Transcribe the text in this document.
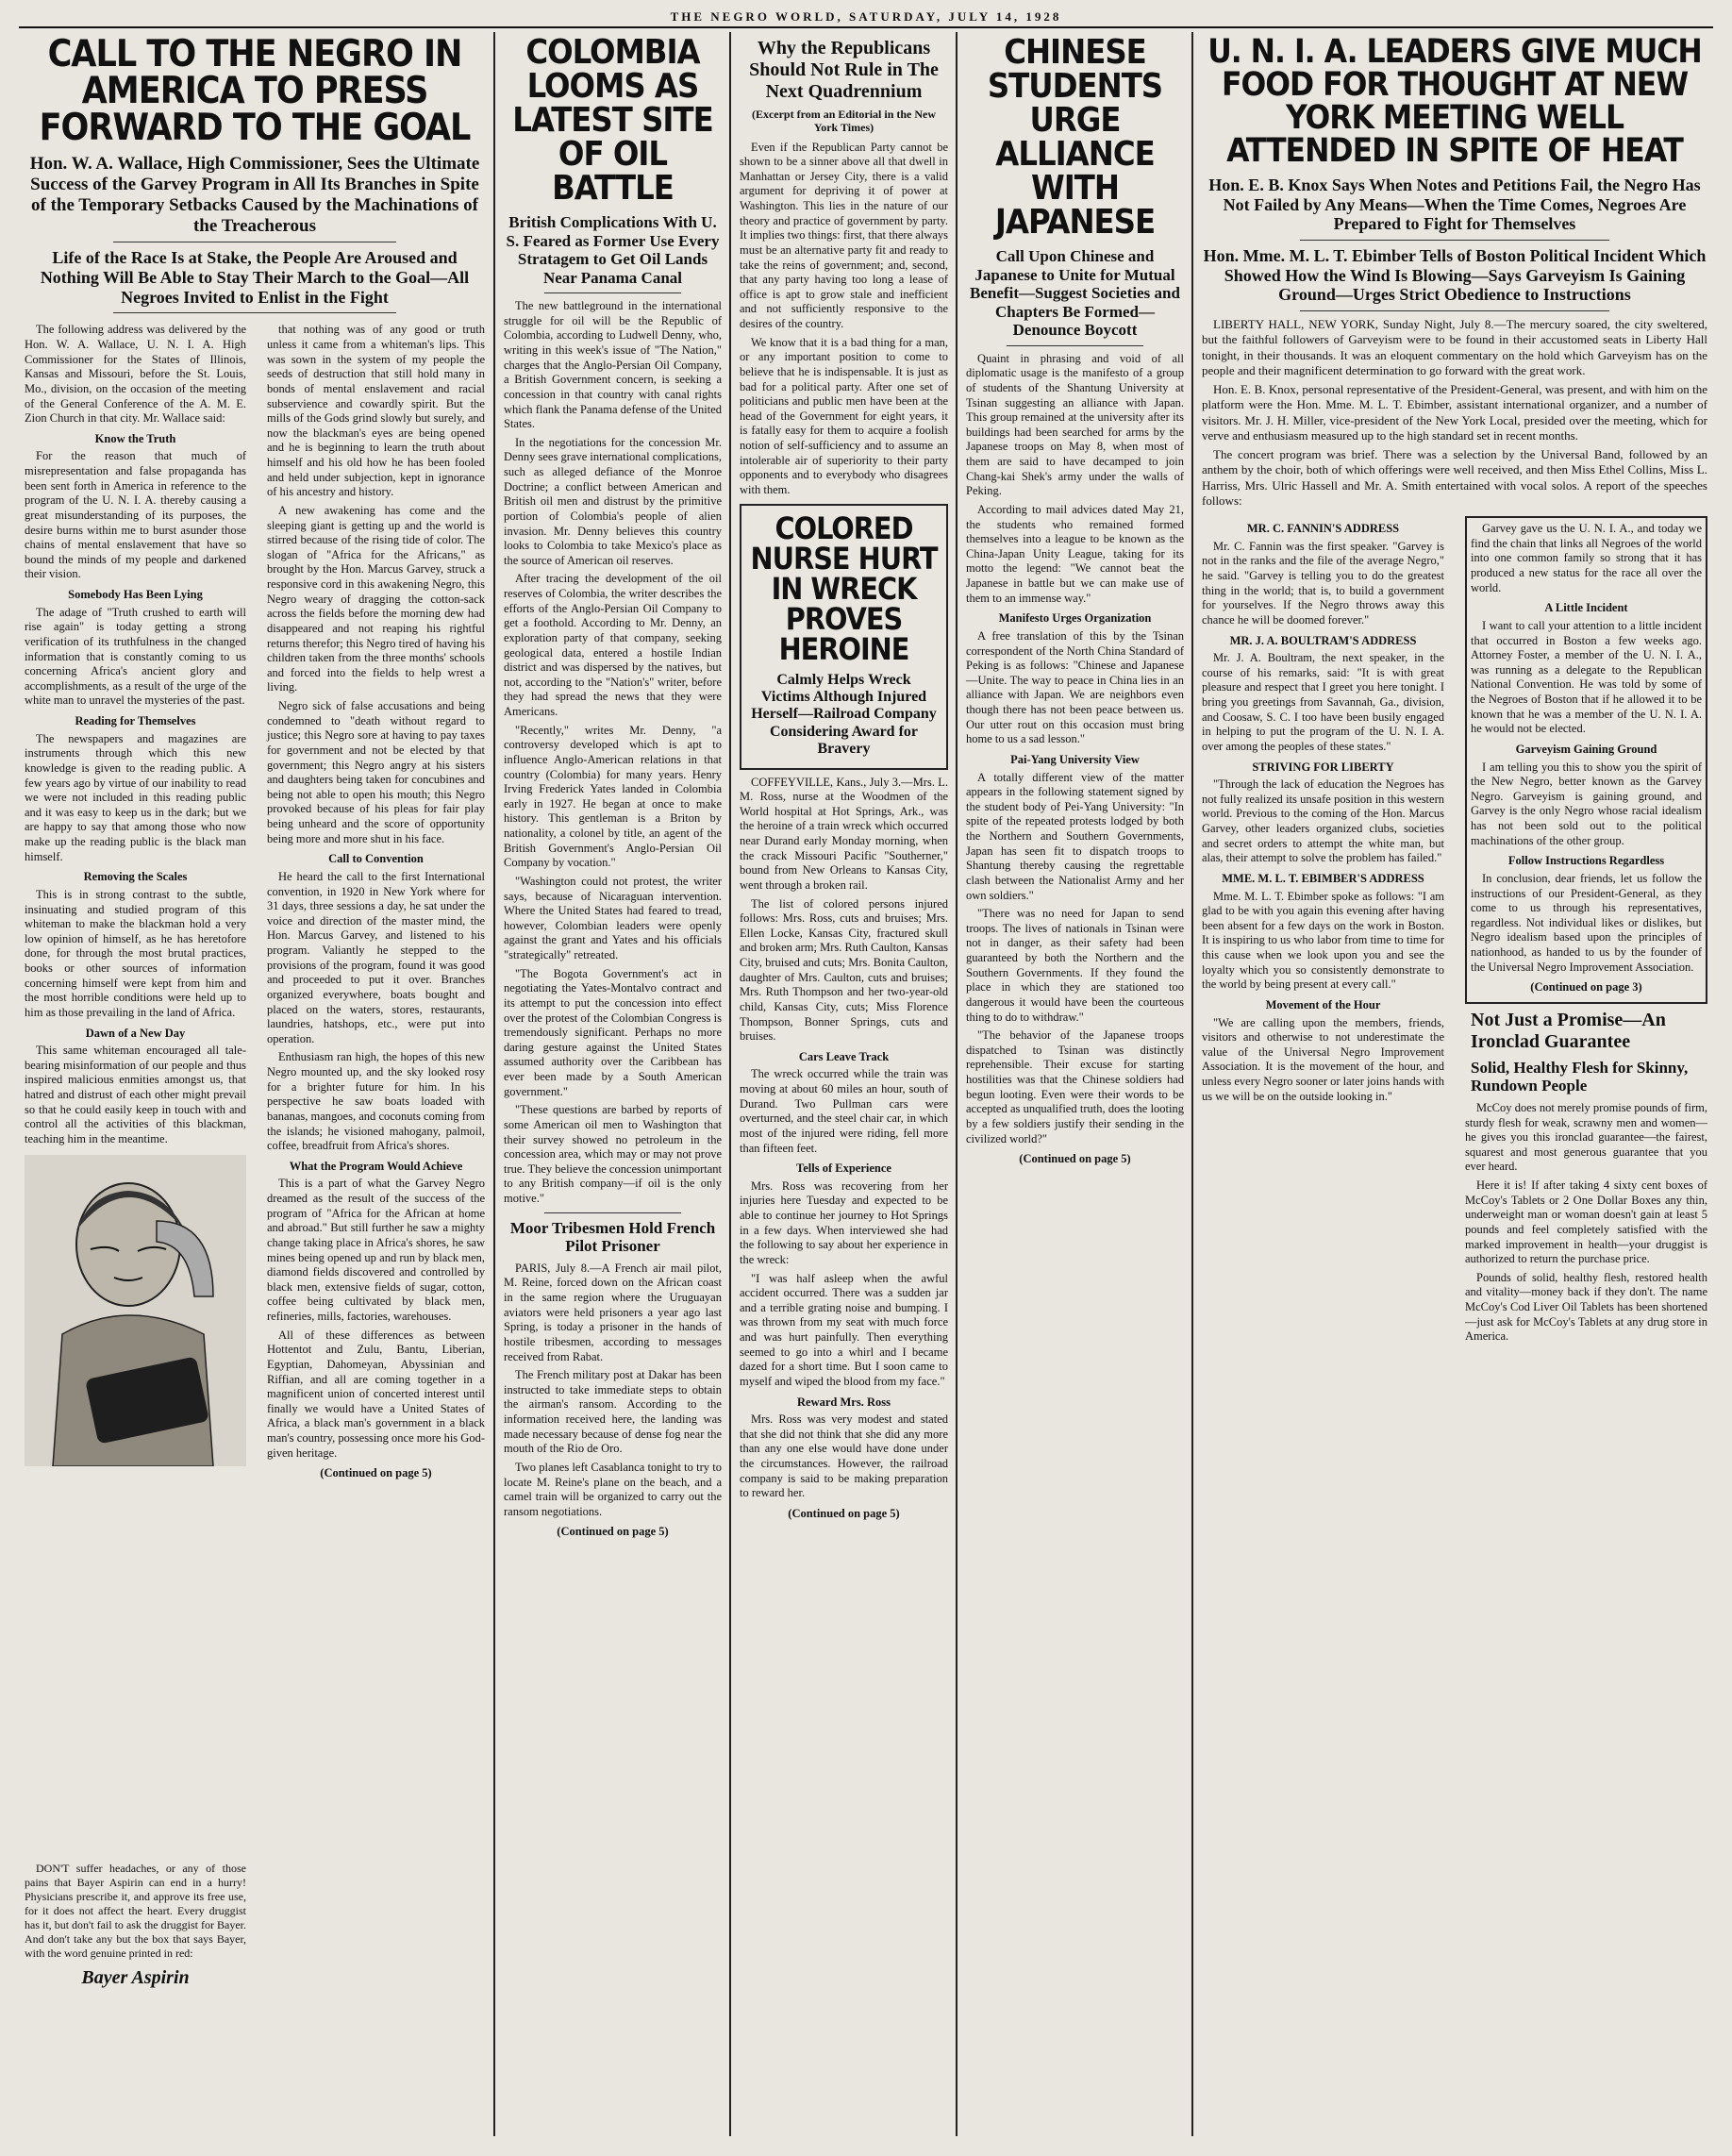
THE NEGRO WORLD, SATURDAY, JULY 14, 1928
CALL TO THE NEGRO IN AMERICA TO PRESS FORWARD TO THE GOAL
Hon. W. A. Wallace, High Commissioner, Sees the Ultimate Success of the Garvey Program in All Its Branches in Spite of the Temporary Setbacks Caused by the Machinations of the Treacherous
Life of the Race Is at Stake, the People Are Aroused and Nothing Will Be Able to Stay Their March to the Goal—All Negroes Invited to Enlist in the Fight

The following address was delivered by the Hon. W. A. Wallace, U. N. I. A. High Commissioner for the States of Illinois, Kansas and Missouri, before the St. Louis, Mo., division, on the occasion of the meeting of the General Conference of the A. M. E. Zion Church in that city. Mr. Wallace said:

Know the Truth

For the reason that much of misrepresentation and false propaganda has been sent forth in America in reference to the program of the U. N. I. A. thereby causing a great misunderstanding of its purposes, the desire burns within me to burst asunder those chains of mental enslavement that have so bound the minds of my people and darkened their vision.

Somebody Has Been Lying

The adage of "Truth crushed to earth will rise again" is today getting a strong verification of its truthfulness in the changed information that is constantly coming to us concerning Africa's ancient glory and accomplishments, as a result of the urge of the white man to unravel the mysteries of the past.

Reading for Themselves

The newspapers and magazines are instruments through which this new knowledge is given to the reading public. A few years ago by virtue of our inability to read we were not included in this reading public and it was easy to keep us in the dark; but we are happy to say that among those who now make up the reading public is the black man himself.

Removing the Scales

This is in strong contrast to the subtle, insinuating and studied program of this whiteman to make the blackman hold a very low opinion of himself, as he has heretofore done, for through the most brutal practices, books or other sources of information concerning himself were kept from him and the most horrible conditions were held up to him as those prevailing in the land of Africa.

Dawn of a New Day

This same whiteman encouraged all tale-bearing misinformation of our people and thus inspired malicious enmities amongst us, that hatred and distrust of each other might prevail so that he could easily keep in touch with and control all the activities of this blackman, teaching him in the meantime.

that nothing was of any good or truth unless it came from a whiteman's lips. This was sown in the system of my people the seeds of destruction that still hold many in bonds of mental enslavement and racial subservience and cowardly spirit. But the mills of the Gods grind slowly but surely, and now the blackman's eyes are being opened and he is beginning to learn the truth about himself and his old how he has been fooled and held under subjection, kept in ignorance of his ancestry and history.

A new awakening has come and the sleeping giant is getting up and the world is stirred because of the rising tide of color. The slogan of "Africa for the Africans," as brought by the Hon. Marcus Garvey, struck a responsive cord in this awakening Negro, this Negro weary of dragging the cotton-sack across the fields before the morning dew had disappeared and not reaping his rightful returns therefor; this Negro tired of having his children taken from the three months' schools and forced into the fields to help wrest a living.

Negro sick of false accusations and being condemned to "death without regard to justice; this Negro sore at having to pay taxes for government and not be elected by that government; this Negro angry at his sisters and daughters being taken for concubines and being not able to open his mouth; this Negro provoked because of his pleas for fair play being unheard and the score of opportunity being more and more shut in his face.

Call to Convention

He heard the call to the first International convention, in 1920 in New York where for 31 days, three sessions a day, he sat under the voice and direction of the master mind, the Hon. Marcus Garvey, and listened to his program. Valiantly he stepped to the provisions of the program, found it was good and proceeded to put it over. Branches organized everywhere, boats bought and placed on the waters, stores, restaurants, laundries, hatshops, etc., were put into operation.

Enthusiasm ran high, the hopes of this new Negro mounted up, and the sky looked rosy for a brighter future for him. In his perspective he saw boats loaded with bananas, mangoes, and coconuts coming from the islands; he visioned mahogany, palmoil, coffee, breadfruit from Africa's shores.

What the Program Would Achieve

This is a part of what the Garvey Negro dreamed as the result of the success of the program of "Africa for the African at home and abroad." But still further he saw a mighty change taking place in Africa's shores, he saw mines being opened up and run by black men, diamond fields discovered and controlled by black men, extensive fields of sugar, cotton, coffee being cultivated by black men, refineries, mills, factories, warehouses.

All of these differences as between Hottentot and Zulu, Bantu, Liberian, Egyptian, Dahomeyan, Abyssinian and Riffian, and all are coming together in a magnificent union of concerted interest until finally we would have a United States of Africa, a black man's government in a black man's country, possessing once more his God-given heritage.

(Continued on page 5)

DON'T suffer headaches, or any of those pains that Bayer Aspirin can end in a hurry! Physicians prescribe it, and approve its free use, for it does not affect the heart. Every druggist has it, but don't fail to ask the druggist for Bayer. And don't take any but the box that says Bayer, with the word genuine printed in red:

Bayer Aspirin
COLOMBIA LOOMS AS LATEST SITE OF OIL BATTLE
British Complications With U. S. Feared as Former Use Every Stratagem to Get Oil Lands Near Panama Canal

The new battleground in the international struggle for oil will be the Republic of Colombia, according to Ludwell Denny, who, writing in this week's issue of "The Nation," charges that the Anglo-Persian Oil Company, a British Government concern, is seeking a concession in that country with canal rights which flank the Panama defense of the United States.

In the negotiations for the concession Mr. Denny sees grave international complications, such as alleged defiance of the Monroe Doctrine; a conflict between American and British oil men and distrust by the primitive portion of Colombia's people of alien invasion. Mr. Denny believes this country looks to Colombia to take Mexico's place as the source of American oil reserves.

After tracing the development of the oil reserves of Colombia, the writer describes the efforts of the Anglo-Persian Oil Company to get a foothold. According to Mr. Denny, an exploration party of that company, seeking geological data, entered a hostile Indian district and was dispersed by the natives, but not, according to the "Nation's" writer, before they had spread the news that they were Americans.

"Recently," writes Mr. Denny, "a controversy developed which is apt to influence Anglo-American relations in that country (Colombia) for many years. Henry Irving Frederick Yates landed in Colombia early in 1927. He began at once to make history. This gentleman is a Briton by nationality, a colonel by title, an agent of the British Government's Anglo-Persian Oil Company by vocation."

"Washington could not protest, the writer says, because of Nicaraguan intervention. Where the United States had feared to tread, however, Colombian leaders were openly against the grant and Yates and his officials "strategically" retreated.

"The Bogota Government's act in negotiating the Yates-Montalvo contract and its attempt to put the concession into effect over the protest of the Colombian Congress is tremendously significant. Perhaps no more daring gesture against the United States assumed authority over the Caribbean has ever been made by a South American government."

"These questions are barbed by reports of some American oil men to Washington that their survey showed no petroleum in the concession area, which may or may not prove true. They believe the concession unimportant to any British company—if oil is the only motive."

Moor Tribesmen Hold French Pilot Prisoner

PARIS, July 8.—A French air mail pilot, M. Reine, forced down on the African coast in the same region where the Uruguayan aviators were held prisoners a year ago last Spring, is today a prisoner in the hands of hostile tribesmen, according to messages received from Rabat.

The French military post at Dakar has been instructed to take immediate steps to obtain the airman's ransom. According to the information received here, the landing was made necessary because of dense fog near the mouth of the Rio de Oro.

Two planes left Casablanca tonight to try to locate M. Reine's plane on the beach, and a camel train will be organized to carry out the ransom negotiations.

(Continued on page 5)
Why the Republicans Should Not Rule in The Next Quadrennium
(Excerpt from an Editorial in the New York Times)

Even if the Republican Party cannot be shown to be a sinner above all that dwell in Manhattan or Jersey City, there is a valid argument for depriving it of power at Washington. This lies in the nature of our theory and practice of government by party. It implies two things: first, that there always must be an alternative party fit and ready to take the reins of government; and, second, that any party having too long a lease of office is apt to grow stale and inefficient and not sufficiently responsive to the desires of the country.

We know that it is a bad thing for a man, or any important position to come to believe that he is indispensable. It is just as bad for a political party. After one set of politicians and public men have been at the head of the Government for eight years, it is fatally easy for them to acquire a foolish notion of self-sufficiency and to assume an intolerable air of superiority to their party opponents and to everybody who disagrees with them.

COLORED NURSE HURT IN WRECK PROVES HEROINE
Calmly Helps Wreck Victims Although Injured Herself—Railroad Company Considering Award for Bravery

COFFEYVILLE, Kans., July 3.—Mrs. L. M. Ross, nurse at the Woodmen of the World hospital at Hot Springs, Ark., was the heroine of a train wreck which occurred near Durand early Monday morning, when the crack Missouri Pacific "Southerner," bound from New Orleans to Kansas City, went through a broken rail.

The list of colored persons injured follows: Mrs. Ross, cuts and bruises; Mrs. Ellen Locke, Kansas City, fractured skull and broken arm; Mrs. Ruth Caulton, Kansas City, bruised and cuts; Mrs. Bonita Caulton, daughter of Mrs. Caulton, cuts and bruises; Mrs. Ruth Thompson and her two-year-old child, Kansas City, cuts; Miss Florence Thompson, Bonner Springs, cuts and bruises.

Cars Leave Track

The wreck occurred while the train was moving at about 60 miles an hour, south of Durand. Two Pullman cars were overturned, and the steel chair car, in which most of the injured were riding, fell more than fifteen feet.

Tells of Experience

Mrs. Ross was recovering from her injuries here Tuesday and expected to be able to continue her journey to Hot Springs in a few days. When interviewed she had the following to say about her experience in the wreck:

"I was half asleep when the awful accident occurred. There was a sudden jar and a terrible grating noise and bumping. I was thrown from my seat with much force and was hurt painfully. Then everything seemed to go into a whirl and I became dazed for a short time. But I soon came to myself and wiped the blood from my face."

Reward Mrs. Ross

Mrs. Ross was very modest and stated that she did not think that she did any more than any one else would have done under the circumstances. However, the railroad company is said to be making preparation to reward her.

(Continued on page 5)
CHINESE STUDENTS URGE ALLIANCE WITH JAPANESE
Call Upon Chinese and Japanese to Unite for Mutual Benefit—Suggest Societies and Chapters Be Formed—Denounce Boycott

Quaint in phrasing and void of all diplomatic usage is the manifesto of a group of students of the Shantung University at Tsinan suggesting an alliance with Japan. This group remained at the university after its buildings had been searched for arms by the Japanese troops on May 8, when most of them are said to have decamped to join Chang-kai Shek's army under the walls of Peking.

According to mail advices dated May 21, the students who remained formed themselves into a league to be known as the China-Japan Unity League, taking for its motto the legend: "We cannot beat the Japanese in battle but we can make use of them to an immense way."

Manifesto Urges Organization

A free translation of this by the Tsinan correspondent of the North China Standard of Peking is as follows: "Chinese and Japanese—Unite. The way to peace in China lies in an alliance with Japan. We are neighbors even though there has not been peace between us. Our utter rout on this occasion must bring home to us a sad lesson."

Pai-Yang University View

A totally different view of the matter appears in the following statement signed by the student body of Pei-Yang University: "In spite of the repeated protests lodged by both the Northern and Southern Governments, Japan has seen fit to dispatch troops to Shantung thereby causing the regrettable clash between the Nationalist Army and her own soldiers."

"There was no need for Japan to send troops. The lives of nationals in Tsinan were not in danger, as their safety had been guaranteed by both the Northern and the Southern Governments. If they found the place in which they are stationed too dangerous it would have been the courteous thing to do to withdraw."

"The behavior of the Japanese troops dispatched to Tsinan was distinctly reprehensible. Their excuse for starting hostilities was that the Chinese soldiers had begun looting. Even were their words to be accepted as unqualified truth, does the looting by a few soldiers justify their sending in the civilized world?"

(Continued on page 5)
U. N. I. A. LEADERS GIVE MUCH FOOD FOR THOUGHT AT NEW YORK MEETING WELL ATTENDED IN SPITE OF HEAT
Hon. E. B. Knox Says When Notes and Petitions Fail, the Negro Has Not Failed by Any Means—When the Time Comes, Negroes Are Prepared to Fight for Themselves
Hon. Mme. M. L. T. Ebimber Tells of Boston Political Incident Which Showed How the Wind Is Blowing—Says Garveyism Is Gaining Ground—Urges Strict Obedience to Instructions

LIBERTY HALL, NEW YORK, Sunday Night, July 8.—The mercury soared, the city sweltered, but the faithful followers of Garveyism were to be found in their accustomed seats in Liberty Hall tonight, in their thousands. It was an eloquent commentary on the hold which Garveyism has on the people and their magnificent determination to go forward with the great work.

Hon. E. B. Knox, personal representative of the President-General, was present, and with him on the platform were the Hon. Mme. M. L. T. Ebimber, assistant international organizer, and a number of visitors. Mr. J. H. Miller, vice-president of the New York Local, presided over the meeting, which for verve and enthusiasm measured up to the high standard set in recent months.

The concert program was brief. There was a selection by the Universal Band, followed by an anthem by the choir, both of which offerings were well received, and then Miss Ethel Collins, Miss L. Harriss, Mrs. Ulric Hassell and Mr. A. Smith entertained with vocal solos. A report of the speeches follows:

MR. C. FANNIN'S ADDRESS

Mr. C. Fannin was the first speaker. "Garvey is not in the ranks and the file of the average Negro," he said. "Garvey is telling you to do the greatest thing in the world; that is, to build a government for yourselves. If the Negro throws away this chance he will be doomed forever."

MR. J. A. BOULTRAM'S ADDRESS

Mr. J. A. Boultram, the next speaker, in the course of his remarks, said: "It is with great pleasure and respect that I greet you here tonight. I bring you greetings from Savannah, Ga., division, and Coosaw, S. C. I too have been busily engaged in helping to put the program of the U. N. I. A. over among the peoples of these states."

STRIVING FOR LIBERTY

"Through the lack of education the Negroes has not fully realized its unsafe position in this western world. Previous to the coming of the Hon. Marcus Garvey, other leaders organized clubs, societies and secret orders to attempt the white man, but alas, their attempt to solve the problem has failed."

MME. M. L. T. EBIMBER'S ADDRESS

Mme. M. L. T. Ebimber spoke as follows: "I am glad to be with you again this evening after having been absent for a few days on the work in Boston. It is inspiring to us who labor from time to time for this cause when we look upon you and see the loyalty which you so consistently demonstrate to the world by being present at every call."

Movement of the Hour

"We are calling upon the members, friends, visitors and otherwise to not underestimate the value of the Universal Negro Improvement Association. It is the movement of the hour, and unless every Negro sooner or later joins hands with us we will be on the outside looking in."

Garvey gave us the U. N. I. A., and today we find the chain that links all Negroes of the world into one common family so strong that it has produced a new status for the race all over the world.

A Little Incident

I want to call your attention to a little incident that occurred in Boston a few weeks ago. Attorney Foster, a member of the U. N. I. A., was running as a delegate to the Republican National Convention. He was told by some of the Negroes of Boston that if he allowed it to be known that he was a member of the U. N. I. A. he would not be elected.

Garveyism Gaining Ground

I am telling you this to show you the spirit of the New Negro, better known as the Garvey Negro. Garveyism is gaining ground, and Garvey is the only Negro whose racial idealism has not been sold out to the political machinations of the other group.

Follow Instructions Regardless

In conclusion, dear friends, let us follow the instructions of our President-General, as they come to us through his representatives, regardless. Not individual likes or dislikes, but Negro idealism based upon the principles of nationhood, as handed to us by the founder of the Universal Negro Improvement Association.

(Continued on page 3)
Not Just a Promise—An Ironclad Guarantee
Solid, Healthy Flesh for Skinny, Rundown People

McCoy does not merely promise pounds of firm, sturdy flesh for weak, scrawny men and women—he gives you this ironclad guarantee—the fairest, squarest and most generous guarantee that you ever heard.

Here it is! If after taking 4 sixty cent boxes of McCoy's Tablets or 2 One Dollar Boxes any thin, underweight man or woman doesn't gain at least 5 pounds and feel completely satisfied with the marked improvement in health—your druggist is authorized to return the purchase price.

Pounds of solid, healthy flesh, restored health and vitality—money back if they don't. The name McCoy's Cod Liver Oil Tablets has been shortened—just ask for McCoy's Tablets at any drug store in America.
